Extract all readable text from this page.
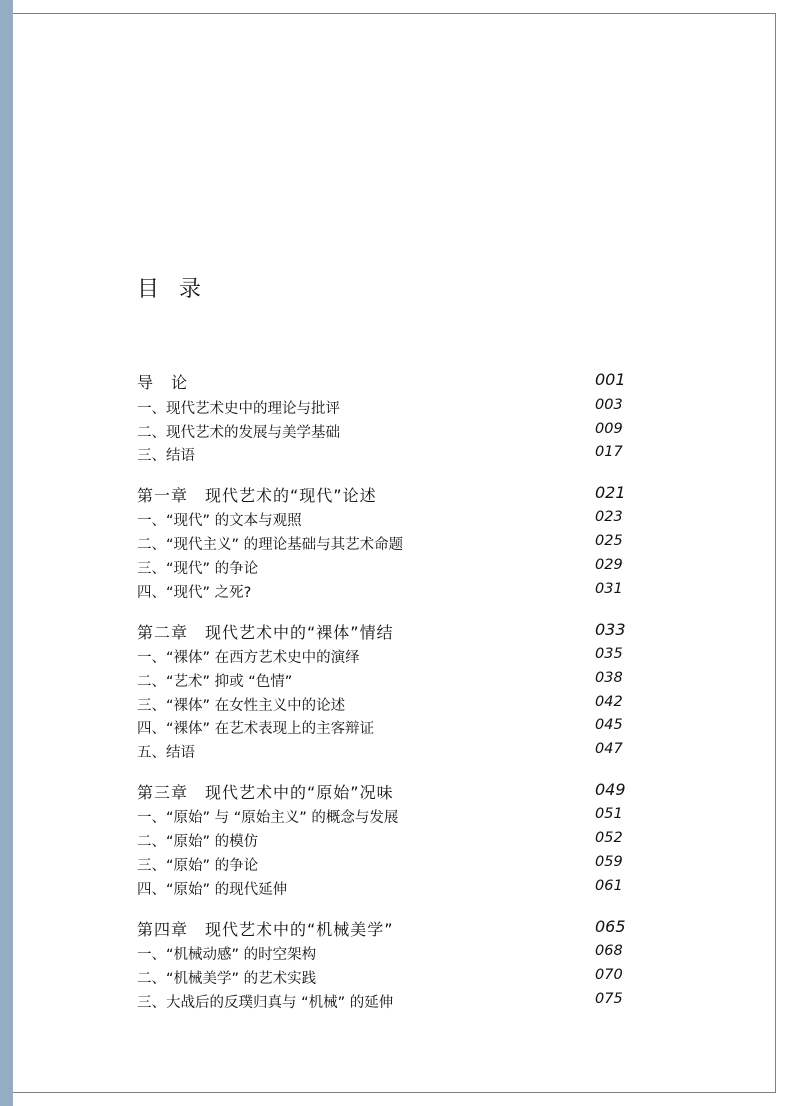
目录
导　论	001
一、现代艺术史中的理论与批评	003
二、现代艺术的发展与美学基础	009
三、结语	017
第一章　现代艺术的“现代”论述	021
一、“现代” 的文本与观照	023
二、“现代主义” 的理论基础与其艺术命题	025
三、“现代” 的争论	029
四、“现代” 之死?	031
第二章　现代艺术中的“裸体”情结	033
一、“裸体” 在西方艺术史中的演绎	035
二、“艺术” 抑或 “色情”	038
三、“裸体” 在女性主义中的论述	042
四、“裸体” 在艺术表现上的主客辩证	045
五、结语	047
第三章　现代艺术中的“原始”况味	049
一、“原始” 与 “原始主义” 的概念与发展	051
二、“原始” 的模仿	052
三、“原始” 的争论	059
四、“原始” 的现代延伸	061
第四章　现代艺术中的“机械美学”	065
一、“机械动感” 的时空架构	068
二、“机械美学” 的艺术实践	070
三、大战后的反璞归真与 “机械” 的延伸	075
